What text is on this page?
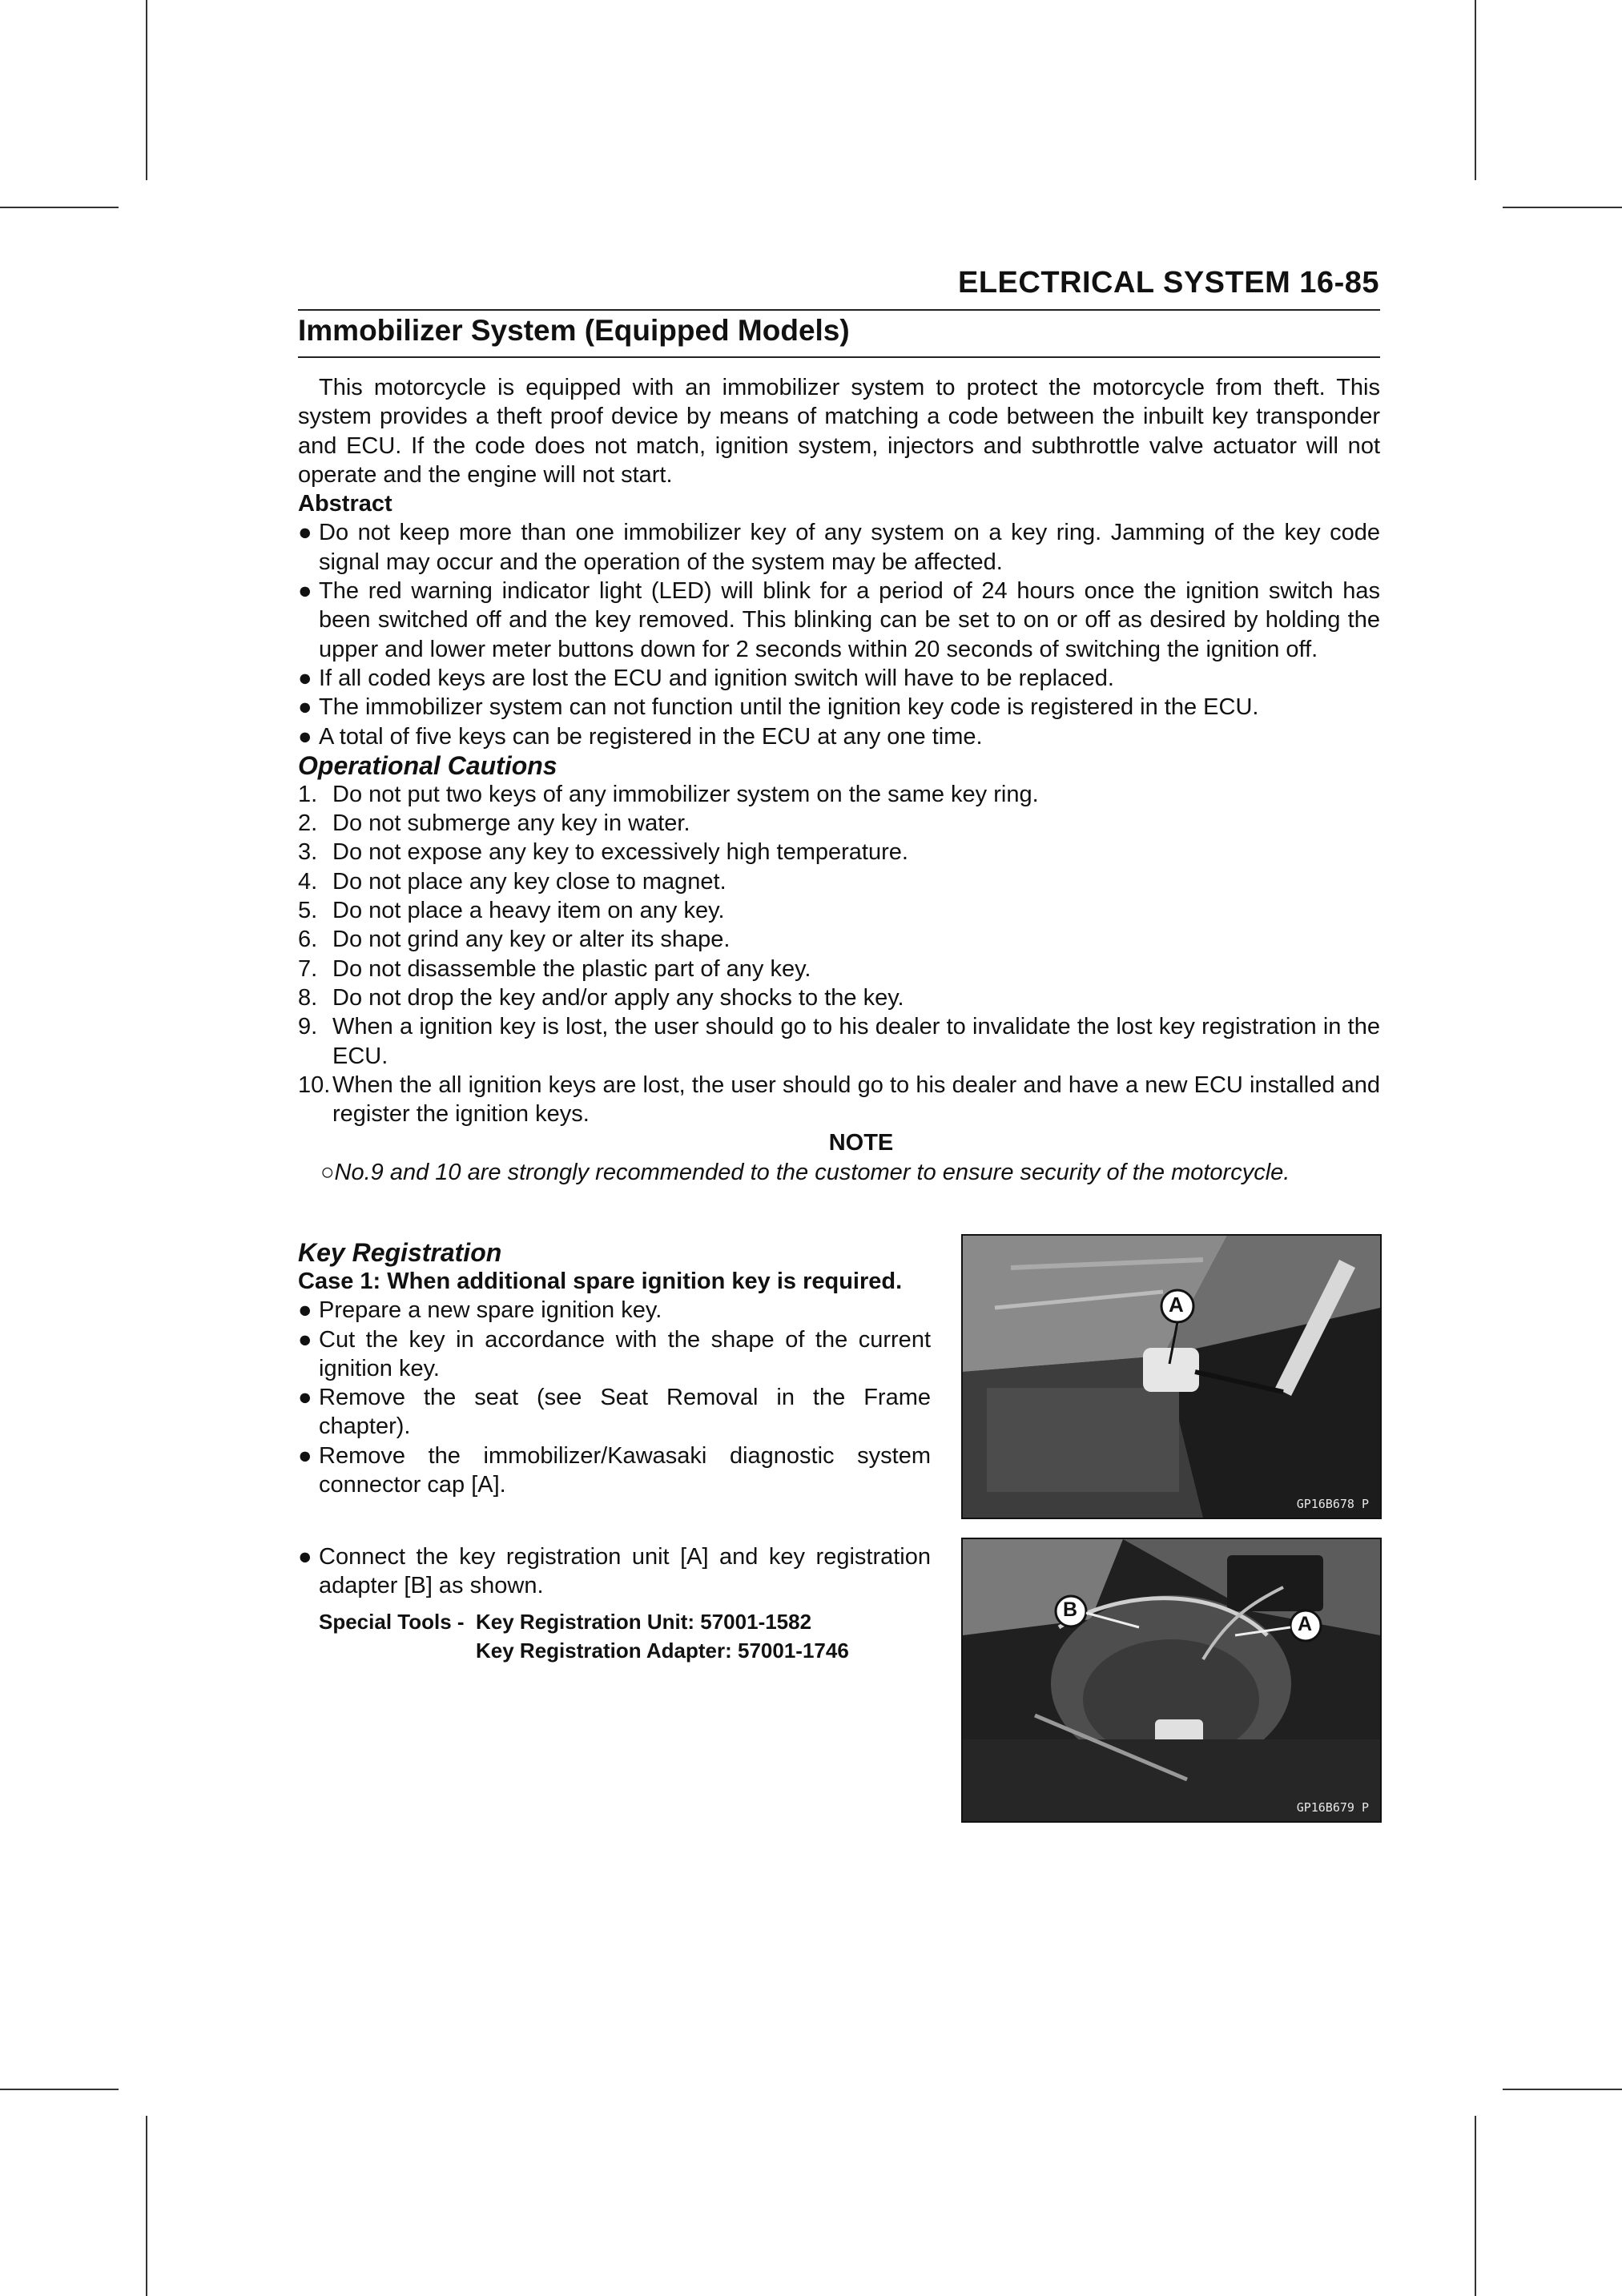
ELECTRICAL SYSTEM 16-85
Immobilizer System (Equipped Models)

This motorcycle is equipped with an immobilizer system to protect the motorcycle from theft. This system provides a theft proof device by means of matching a code between the inbuilt key transponder and ECU. If the code does not match, ignition system, injectors and subthrottle valve actuator will not operate and the engine will not start.

Abstract

● Do not keep more than one immobilizer key of any system on a key ring. Jamming of the key code signal may occur and the operation of the system may be affected.
● The red warning indicator light (LED) will blink for a period of 24 hours once the ignition switch has been switched off and the key removed. This blinking can be set to on or off as desired by holding the upper and lower meter buttons down for 2 seconds within 20 seconds of switching the ignition off.
● If all coded keys are lost the ECU and ignition switch will have to be replaced.
● The immobilizer system can not function until the ignition key code is registered in the ECU.
● A total of five keys can be registered in the ECU at any one time.

Operational Cautions

1. Do not put two keys of any immobilizer system on the same key ring.
2. Do not submerge any key in water.
3. Do not expose any key to excessively high temperature.
4. Do not place any key close to magnet.
5. Do not place a heavy item on any key.
6. Do not grind any key or alter its shape.
7. Do not disassemble the plastic part of any key.
8. Do not drop the key and/or apply any shocks to the key.
9. When a ignition key is lost, the user should go to his dealer to invalidate the lost key registration in the ECU.
10. When the all ignition keys are lost, the user should go to his dealer and have a new ECU installed and register the ignition keys.

NOTE

○No.9 and 10 are strongly recommended to the customer to ensure security of the motorcycle.

Key Registration

Case 1: When additional spare ignition key is required.

● Prepare a new spare ignition key.
● Cut the key in accordance with the shape of the current ignition key.
● Remove the seat (see Seat Removal in the Frame chapter).
● Remove the immobilizer/Kawasaki diagnostic system connector cap [A].
● Connect the key registration unit [A] and key registration adapter [B] as shown.
Special Tools - Key Registration Unit:
57001-1582
Key Registration Adapter:
57001-1746
A
GP16B678 P
B
A
GP16B679 P
